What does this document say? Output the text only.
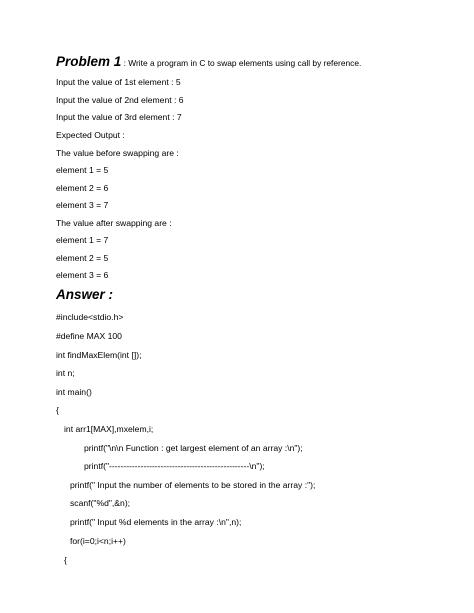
Problem 1 : Write a program in C to swap elements using call by reference.
Input the value of 1st element : 5
Input the value of 2nd element : 6
Input the value of 3rd element : 7
Expected Output :
The value before swapping are :
element 1 = 5
element 2 = 6
element 3 = 7
The value after swapping are :
element 1 = 7
element 2 = 5
element 3 = 6
Answer :
#include<stdio.h>
#define MAX 100
int findMaxElem(int []);
int n;
int main()
{
int arr1[MAX],mxelem,i;
printf("\n\n Function : get largest element of an array :\n");
printf("-------------------------------------------------\n");
printf(" Input the number of elements to be stored in the array :");
scanf("%d",&n);
printf(" Input %d elements in the array :\n",n);
for(i=0;i<n;i++)
{
